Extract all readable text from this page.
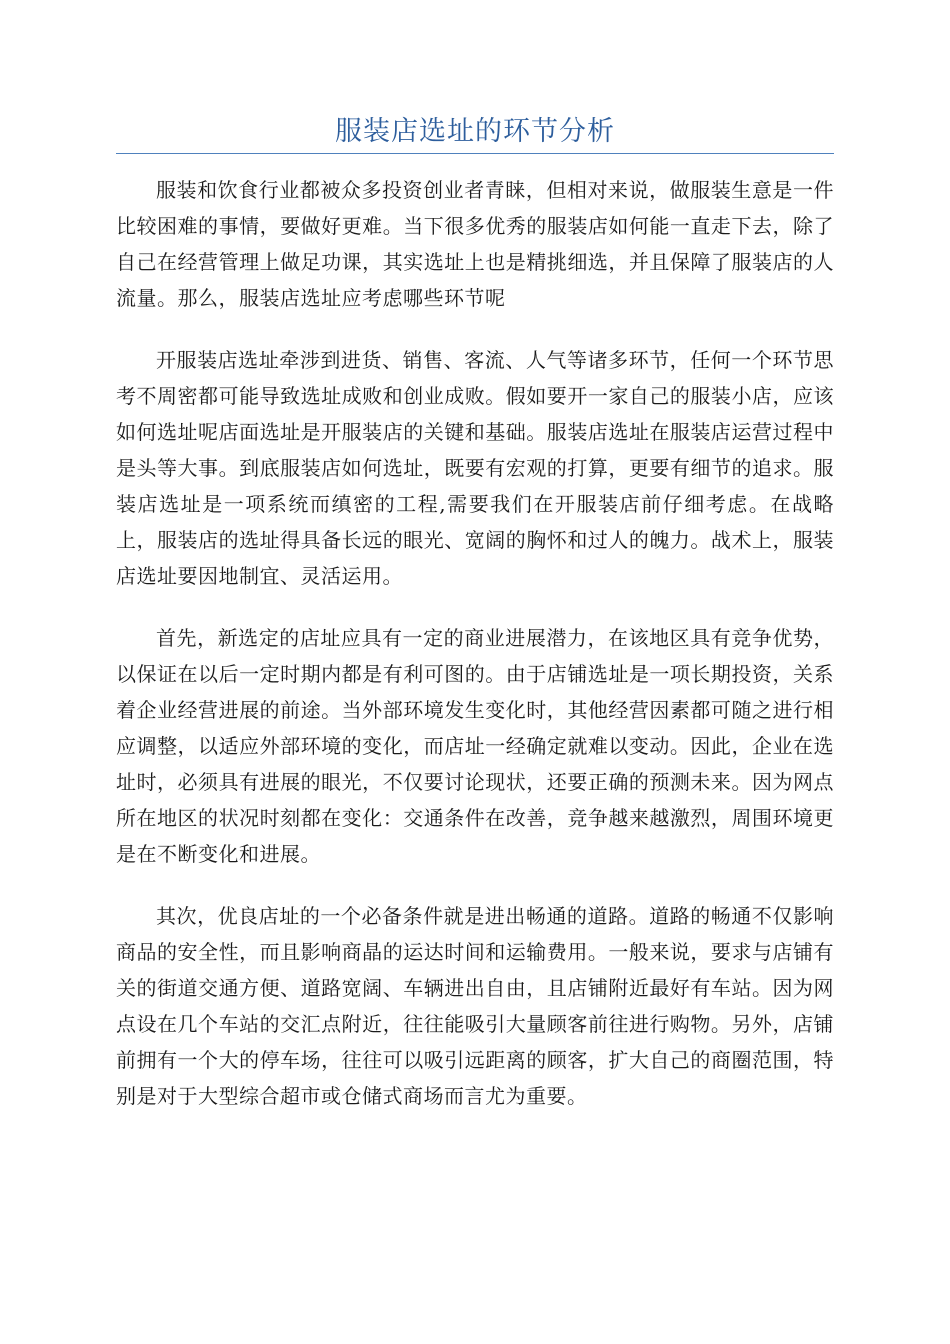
服装店选址的环节分析

服装和饮食行业都被众多投资创业者青睐，但相对来说，做服装生意是一件比较困难的事情，要做好更难。当下很多优秀的服装店如何能一直走下去，除了自己在经营管理上做足功课，其实选址上也是精挑细选，并且保障了服装店的人流量。那么，服装店选址应考虑哪些环节呢

开服装店选址牵涉到进货、销售、客流、人气等诸多环节，任何一个环节思考不周密都可能导致选址成败和创业成败。假如要开一家自己的服装小店，应该如何选址呢店面选址是开服装店的关键和基础。服装店选址在服装店运营过程中是头等大事。到底服装店如何选址，既要有宏观的打算，更要有细节的追求。服装店选址是一项系统而缜密的工程,需要我们在开服装店前仔细考虑。在战略上，服装店的选址得具备长远的眼光、宽阔的胸怀和过人的魄力。战术上，服装店选址要因地制宜、灵活运用。

首先，新选定的店址应具有一定的商业进展潜力，在该地区具有竞争优势，以保证在以后一定时期内都是有利可图的。由于店铺选址是一项长期投资，关系着企业经营进展的前途。当外部环境发生变化时，其他经营因素都可随之进行相应调整，以适应外部环境的变化，而店址一经确定就难以变动。因此，企业在选址时，必须具有进展的眼光，不仅要讨论现状，还要正确的预测未来。因为网点所在地区的状况时刻都在变化：交通条件在改善，竞争越来越激烈，周围环境更是在不断变化和进展。

其次，优良店址的一个必备条件就是进出畅通的道路。道路的畅通不仅影响商品的安全性，而且影响商晶的运达时间和运输费用。一般来说，要求与店铺有关的街道交通方便、道路宽阔、车辆进出自由，且店铺附近最好有车站。因为网点设在几个车站的交汇点附近，往往能吸引大量顾客前往进行购物。另外，店铺前拥有一个大的停车场，往往可以吸引远距离的顾客，扩大自己的商圈范围，特别是对于大型综合超市或仓储式商场而言尤为重要。
